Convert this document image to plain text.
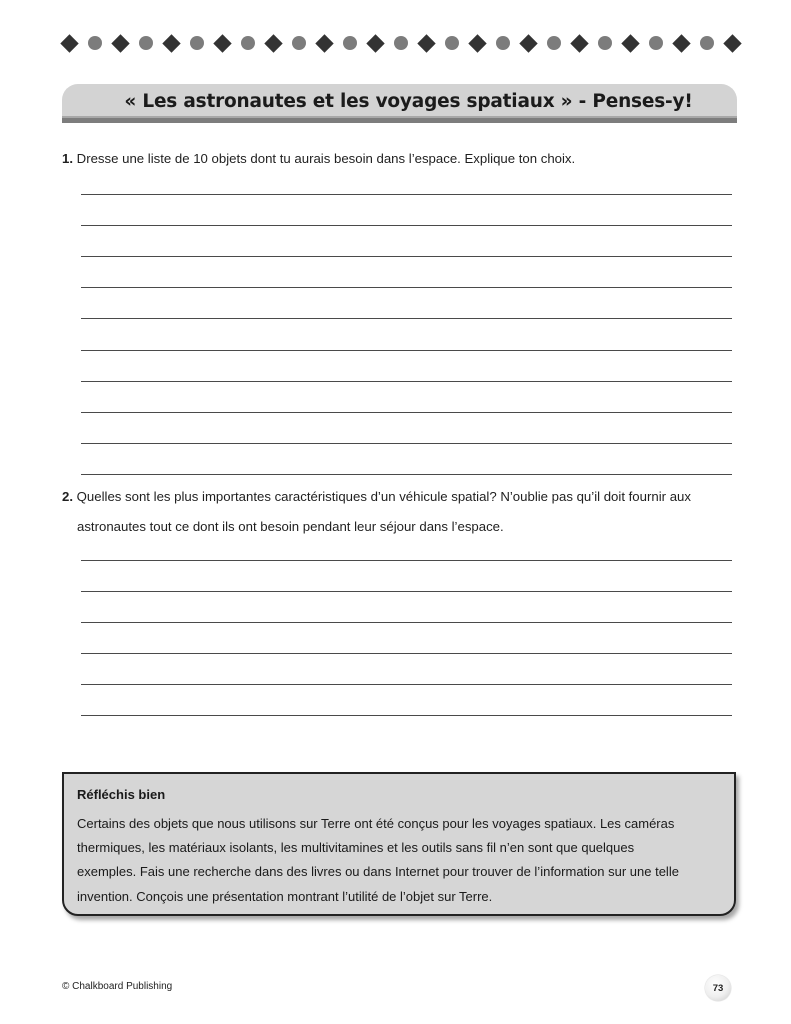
« Les astronautes et les voyages spatiaux » - Penses-y!
1. Dresse une liste de 10 objets dont tu aurais besoin dans l’espace. Explique ton choix.
2. Quelles sont les plus importantes caractéristiques d’un véhicule spatial? N’oublie pas qu’il doit fournir aux
astronautes tout ce dont ils ont besoin pendant leur séjour dans l’espace.
Réfléchis bien
Certains des objets que nous utilisons sur Terre ont été conçus pour les voyages spatiaux. Les caméras
thermiques, les matériaux isolants, les multivitamines et les outils sans fil n’en sont que quelques
exemples. Fais une recherche dans des livres ou dans Internet pour trouver de l’information sur une telle
invention. Conçois une présentation montrant l’utilité de l’objet sur Terre.
© Chalkboard Publishing	73
